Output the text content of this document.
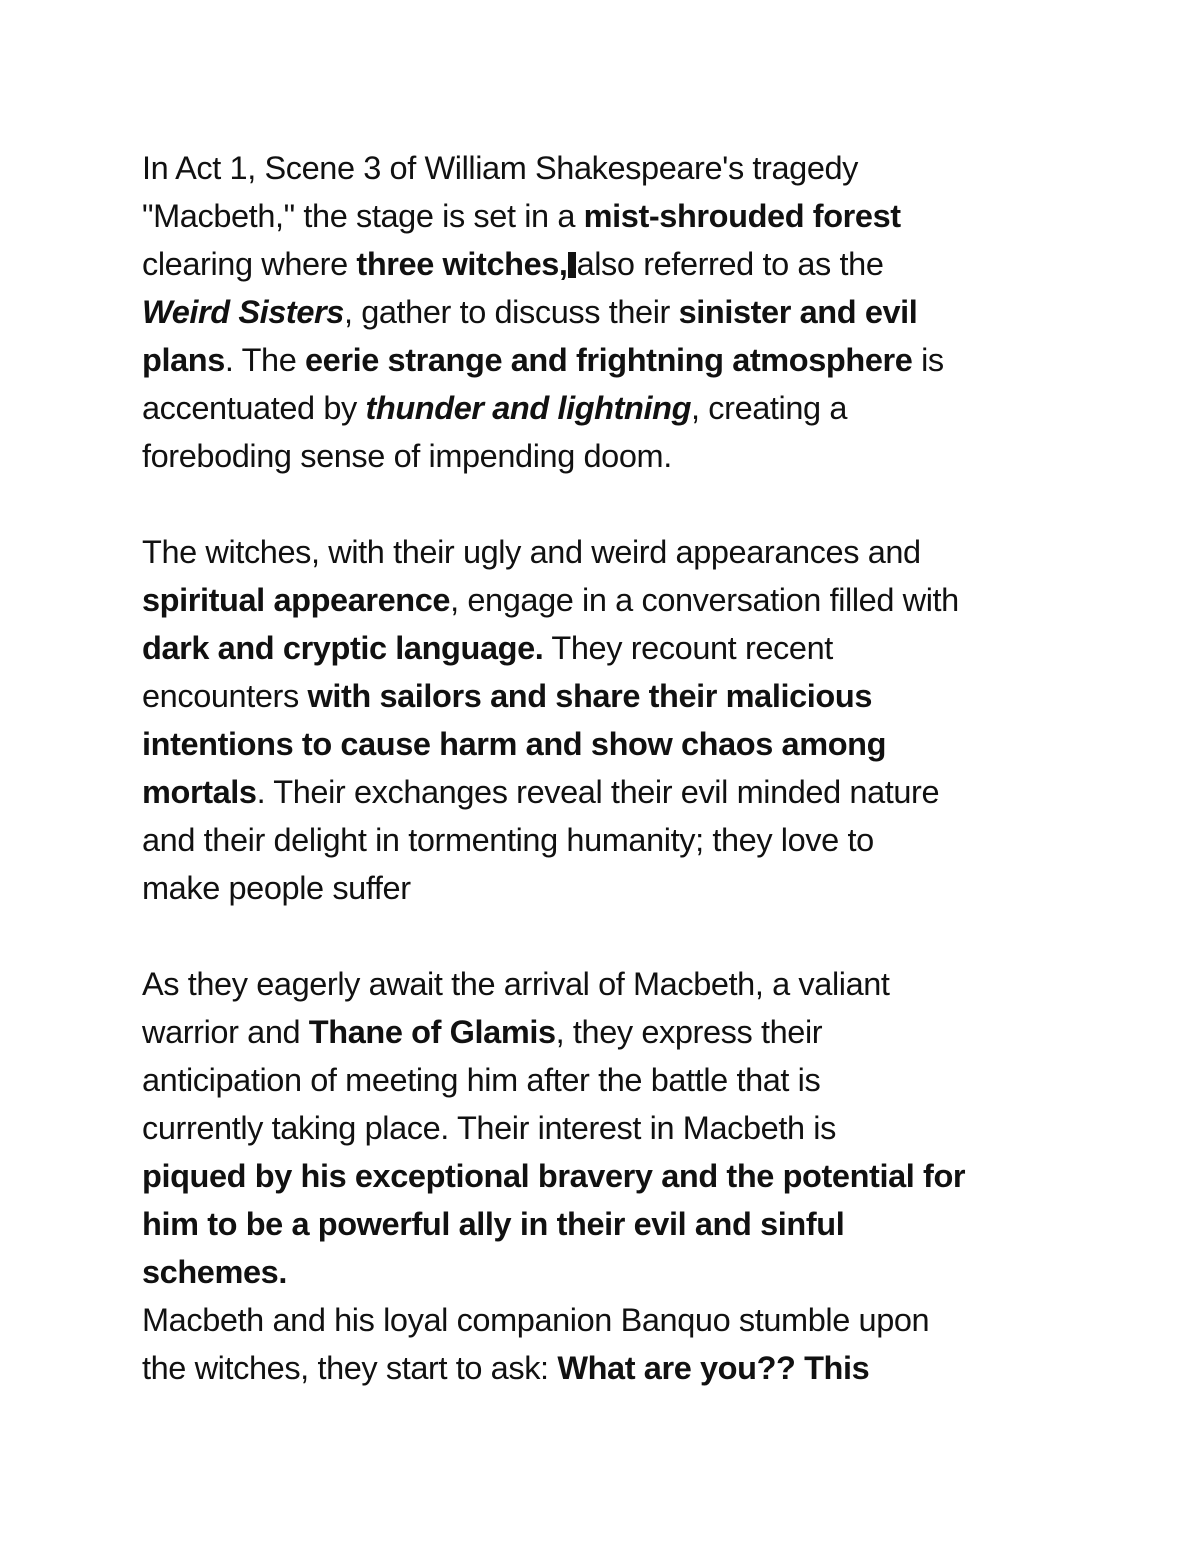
In Act 1, Scene 3 of William Shakespeare's tragedy
"Macbeth," the stage is set in a mist-shrouded forest
clearing where three witches, also referred to as the
Weird Sisters, gather to discuss their sinister and evil
plans. The eerie strange and frightning atmosphere is
accentuated by thunder and lightning, creating a
foreboding sense of impending doom.

The witches, with their ugly and weird appearances and
spiritual appearence, engage in a conversation filled with
dark and cryptic language. They recount recent
encounters with sailors and share their malicious
intentions to cause harm and show chaos among
mortals. Their exchanges reveal their evil minded nature
and their delight in tormenting humanity; they love to
make people suffer

As they eagerly await the arrival of Macbeth, a valiant
warrior and Thane of Glamis, they express their
anticipation of meeting him after the battle that is
currently taking place. Their interest in Macbeth is
piqued by his exceptional bravery and the potential for
him to be a powerful ally in their evil and sinful
schemes.

Macbeth and his loyal companion Banquo stumble upon
the witches, they start to ask: What are you?? This
